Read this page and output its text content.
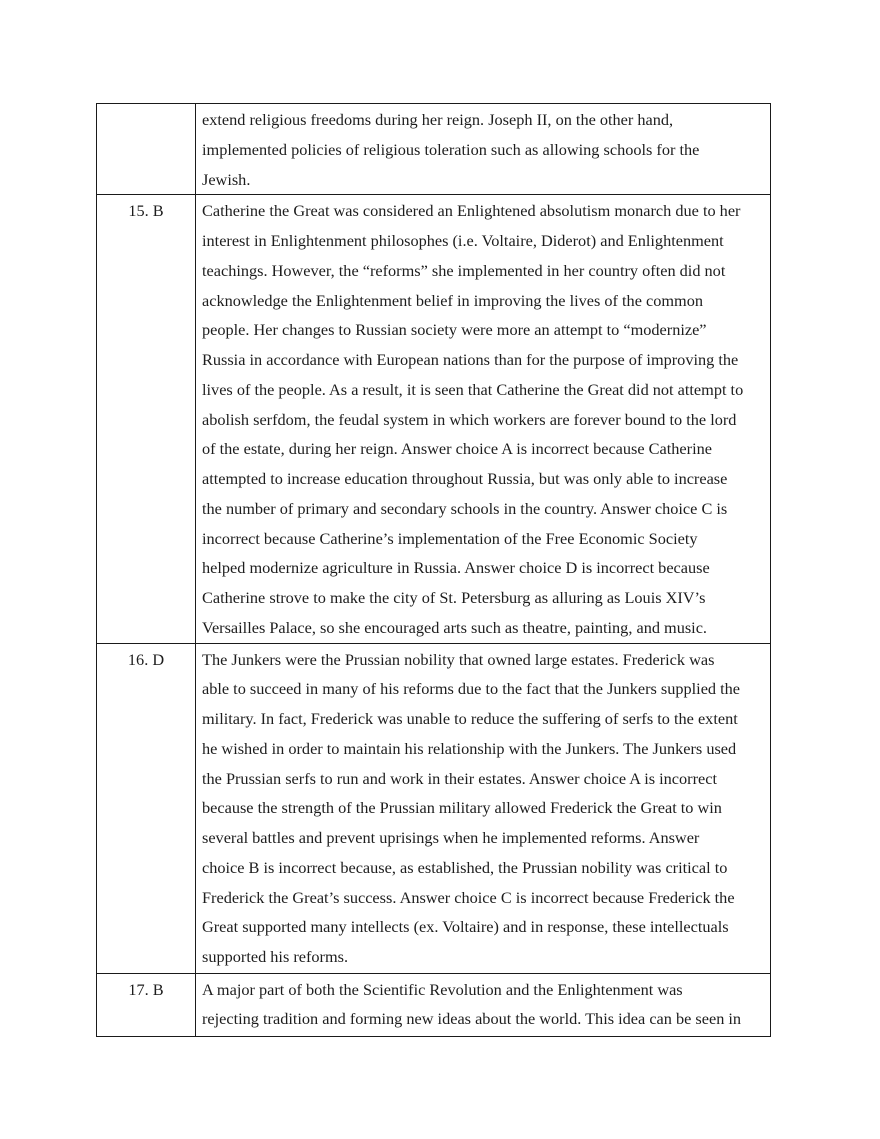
	extend religious freedoms during her reign. Joseph II, on the other hand,
implemented policies of religious toleration such as allowing schools for the
Jewish.

15. B	Catherine the Great was considered an Enlightened absolutism monarch due to her
interest in Enlightenment philosophes (i.e. Voltaire, Diderot) and Enlightenment
teachings. However, the “reforms” she implemented in her country often did not
acknowledge the Enlightenment belief in improving the lives of the common
people. Her changes to Russian society were more an attempt to “modernize”
Russia in accordance with European nations than for the purpose of improving the
lives of the people. As a result, it is seen that Catherine the Great did not attempt to
abolish serfdom, the feudal system in which workers are forever bound to the lord
of the estate, during her reign. Answer choice A is incorrect because Catherine
attempted to increase education throughout Russia, but was only able to increase
the number of primary and secondary schools in the country. Answer choice C is
incorrect because Catherine’s implementation of the Free Economic Society
helped modernize agriculture in Russia. Answer choice D is incorrect because
Catherine strove to make the city of St. Petersburg as alluring as Louis XIV’s
Versailles Palace, so she encouraged arts such as theatre, painting, and music.

16. D	The Junkers were the Prussian nobility that owned large estates. Frederick was
able to succeed in many of his reforms due to the fact that the Junkers supplied the
military. In fact, Frederick was unable to reduce the suffering of serfs to the extent
he wished in order to maintain his relationship with the Junkers. The Junkers used
the Prussian serfs to run and work in their estates. Answer choice A is incorrect
because the strength of the Prussian military allowed Frederick the Great to win
several battles and prevent uprisings when he implemented reforms. Answer
choice B is incorrect because, as established, the Prussian nobility was critical to
Frederick the Great’s success. Answer choice C is incorrect because Frederick the
Great supported many intellects (ex. Voltaire) and in response, these intellectuals
supported his reforms.

17. B	A major part of both the Scientific Revolution and the Enlightenment was
rejecting tradition and forming new ideas about the world. This idea can be seen in
